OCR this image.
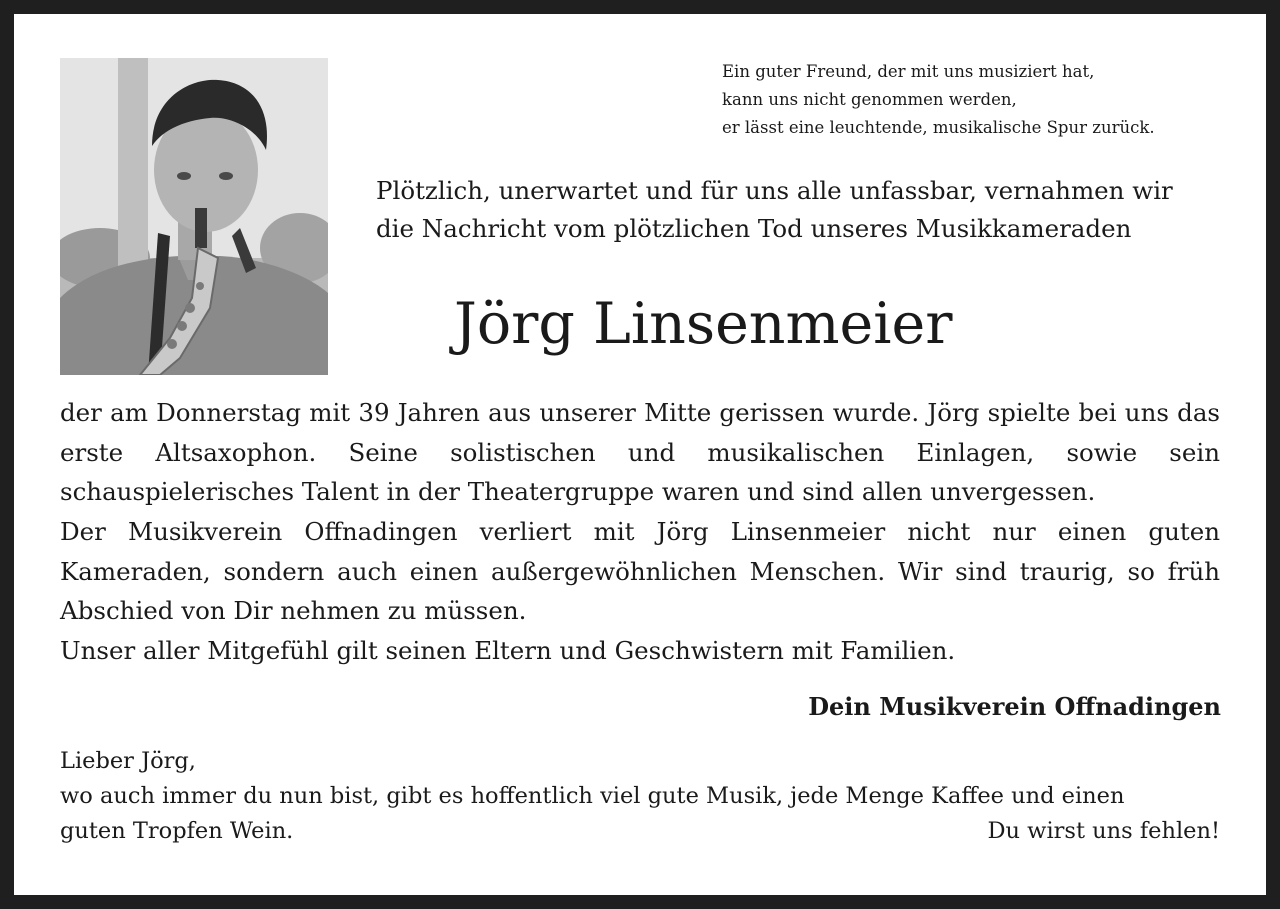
Ein guter Freund, der mit uns musiziert hat,
kann uns nicht genommen werden,
er lässt eine leuchtende, musikalische Spur zurück.
Plötzlich, unerwartet und für uns alle unfassbar, vernahmen wir
die Nachricht vom plötzlichen Tod unseres Musikkameraden
Jörg Linsenmeier
der am Donnerstag mit 39 Jahren aus unserer Mitte gerissen wurde. Jörg spielte bei uns das erste Altsaxophon. Seine solistischen und musikalischen Einlagen, sowie sein schauspielerisches Talent in der Theatergruppe waren und sind allen unvergessen.
Der Musikverein Offnadingen verliert mit Jörg Linsenmeier nicht nur einen guten Kameraden, sondern auch einen außergewöhnlichen Menschen. Wir sind traurig, so früh Abschied von Dir nehmen zu müssen.
Unser aller Mitgefühl gilt seinen Eltern und Geschwistern mit Familien.
Dein Musikverein Offnadingen
Lieber Jörg,
wo auch immer du nun bist, gibt es hoffentlich viel gute Musik, jede Menge Kaffee und einen
guten Tropfen Wein.	Du wirst uns fehlen!
